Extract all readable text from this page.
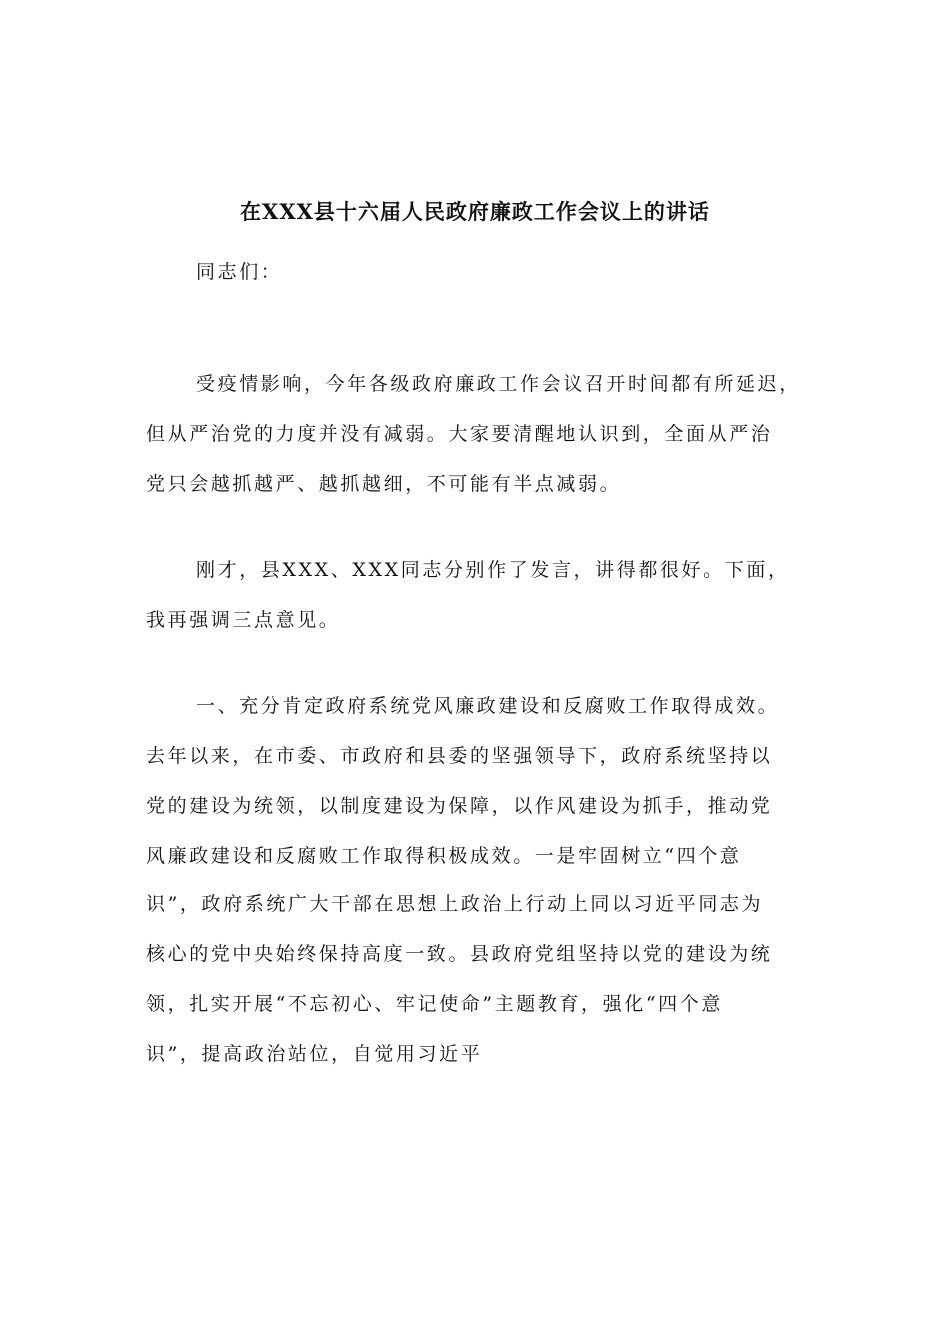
在XXX县十六届人民政府廉政工作会议上的讲话
同志们：
受疫情影响，今年各级政府廉政工作会议召开时间都有所延迟，
但从严治党的力度并没有减弱。大家要清醒地认识到，全面从严治
党只会越抓越严、越抓越细，不可能有半点减弱。
刚才，县XXX、XXX同志分别作了发言，讲得都很好。下面，
我再强调三点意见。
一、充分肯定政府系统党风廉政建设和反腐败工作取得成效。
去年以来，在市委、市政府和县委的坚强领导下，政府系统坚持以
党的建设为统领，以制度建设为保障，以作风建设为抓手，推动党
风廉政建设和反腐败工作取得积极成效。一是牢固树立“四个意
识”，政府系统广大干部在思想上政治上行动上同以习近平同志为
核心的党中央始终保持高度一致。县政府党组坚持以党的建设为统
领，扎实开展“不忘初心、牢记使命”主题教育，强化“四个意
识”，提高政治站位，自觉用习近平
